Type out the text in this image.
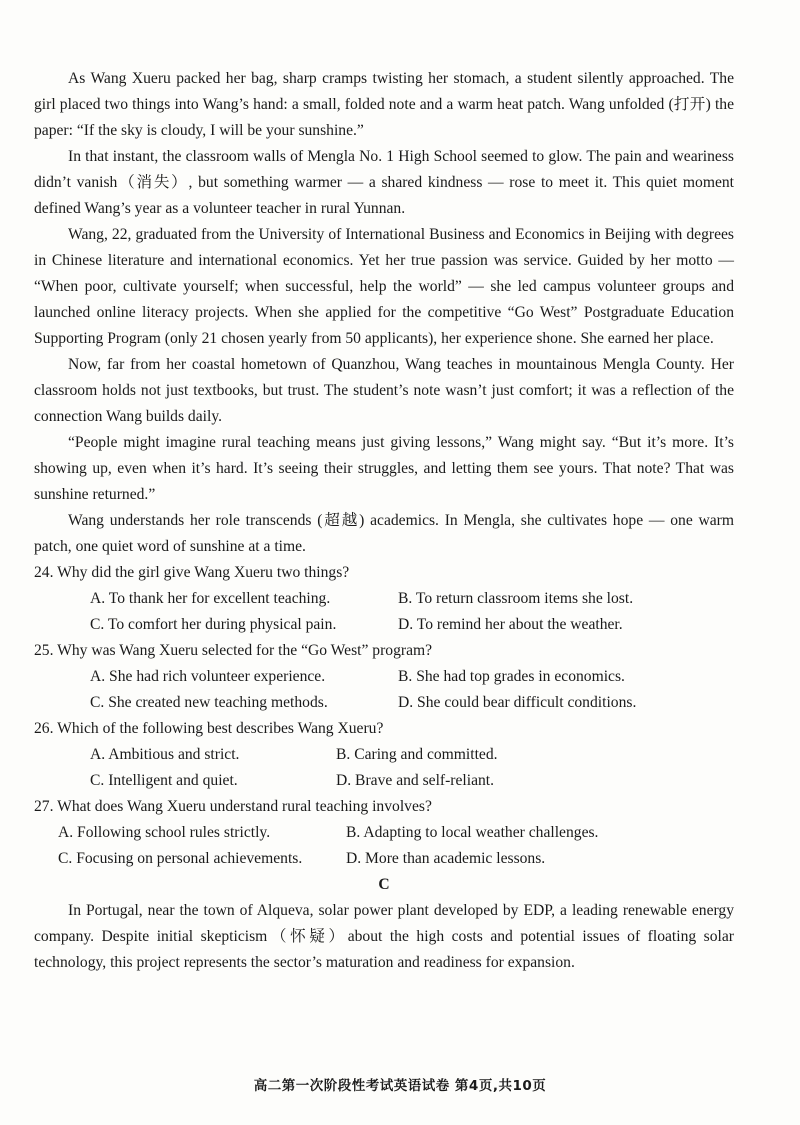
As Wang Xueru packed her bag, sharp cramps twisting her stomach, a student silently approached. The girl placed two things into Wang’s hand: a small, folded note and a warm heat patch. Wang unfolded (打开) the paper: “If the sky is cloudy, I will be your sunshine.”

In that instant, the classroom walls of Mengla No. 1 High School seemed to glow. The pain and weariness didn’t vanish（消失）, but something warmer — a shared kindness — rose to meet it. This quiet moment defined Wang’s year as a volunteer teacher in rural Yunnan.

Wang, 22, graduated from the University of International Business and Economics in Beijing with degrees in Chinese literature and international economics. Yet her true passion was service. Guided by her motto — “When poor, cultivate yourself; when successful, help the world” — she led campus volunteer groups and launched online literacy projects. When she applied for the competitive “Go West” Postgraduate Education Supporting Program (only 21 chosen yearly from 50 applicants), her experience shone. She earned her place.

Now, far from her coastal hometown of Quanzhou, Wang teaches in mountainous Mengla County. Her classroom holds not just textbooks, but trust. The student’s note wasn’t just comfort; it was a reflection of the connection Wang builds daily.

“People might imagine rural teaching means just giving lessons,” Wang might say. “But it’s more. It’s showing up, even when it’s hard. It’s seeing their struggles, and letting them see yours. That note? That was sunshine returned.”

Wang understands her role transcends (超越) academics. In Mengla, she cultivates hope — one warm patch, one quiet word of sunshine at a time.

24. Why did the girl give Wang Xueru two things?

A. To thank her for excellent teaching.	B. To return classroom items she lost.
C. To comfort her during physical pain.	D. To remind her about the weather.

25. Why was Wang Xueru selected for the “Go West” program?

A. She had rich volunteer experience.	B. She had top grades in economics.
C. She created new teaching methods.	D. She could bear difficult conditions.

26. Which of the following best describes Wang Xueru?

A. Ambitious and strict.	B. Caring and committed.
C. Intelligent and quiet.	D. Brave and self-reliant.

27. What does Wang Xueru understand rural teaching involves?

A. Following school rules strictly.	B. Adapting to local weather challenges.
C. Focusing on personal achievements.	D. More than academic lessons.

C

In Portugal, near the town of Alqueva, solar power plant developed by EDP, a leading renewable energy company. Despite initial skepticism（怀疑）about the high costs and potential issues of floating solar technology, this project represents the sector’s maturation and readiness for expansion.

高二第一次阶段性考试英语试卷 第4页,共10页
